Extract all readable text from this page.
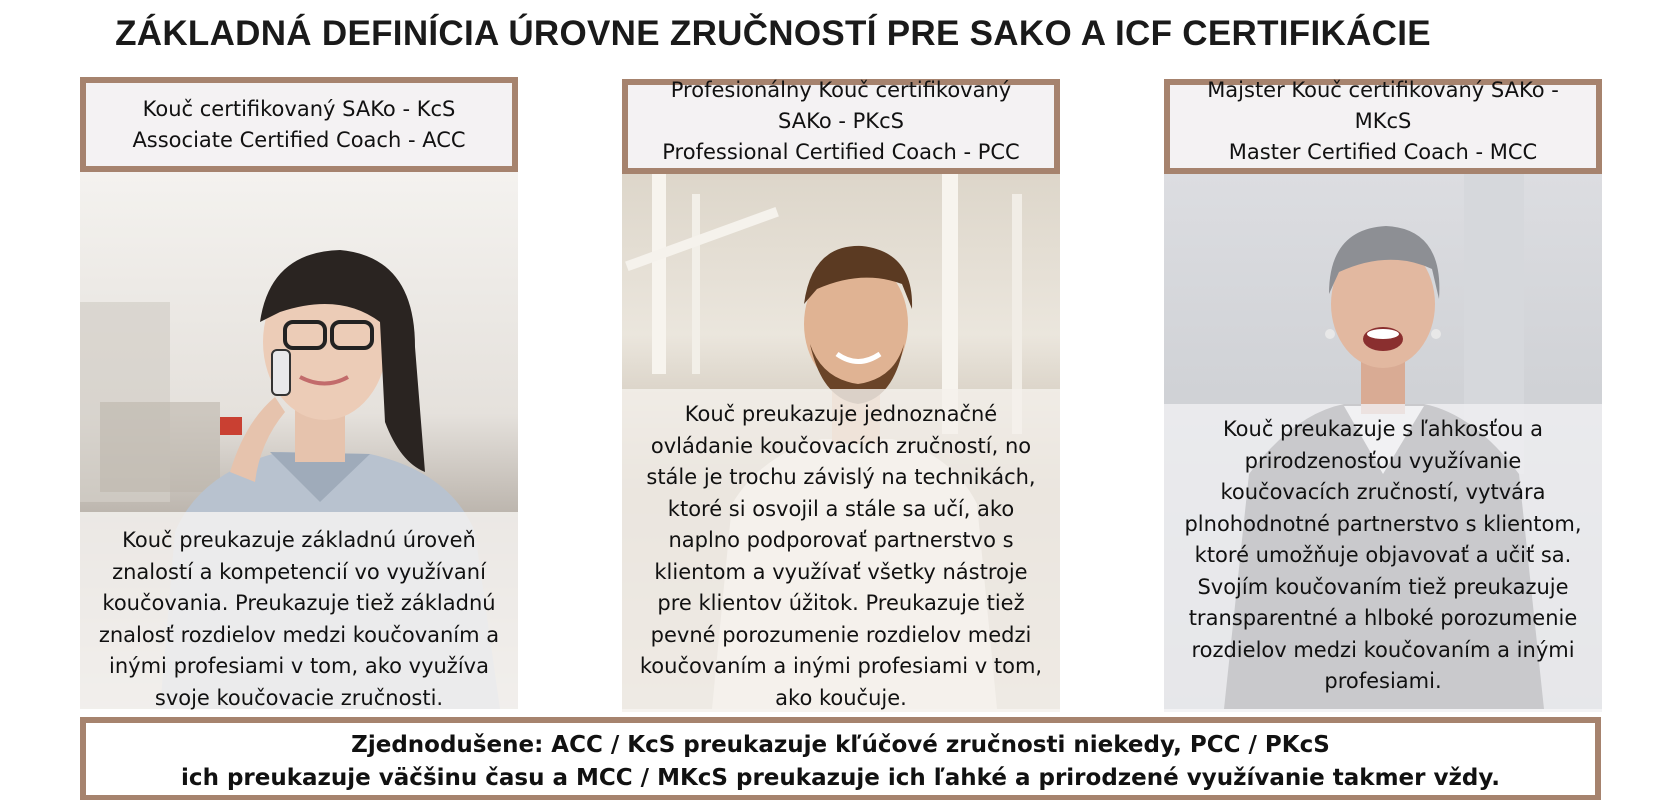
ZÁKLADNÁ DEFINÍCIA ÚROVNE ZRUČNOSTÍ PRE SAKO A ICF CERTIFIKÁCIE
Kouč certifikovaný SAKo - KcS
Associate Certified Coach - ACC
Kouč preukazuje základnú úroveň
znalostí a kompetencií vo využívaní
koučovania. Preukazuje tiež základnú
znalosť rozdielov medzi koučovaním a
inými profesiami v tom, ako využíva
svoje koučovacie zručnosti.
Profesionálny Kouč certifikovaný
SAKo - PKcS
Professional Certified Coach - PCC
Kouč preukazuje jednoznačné
ovládanie koučovacích zručností, no
stále je trochu závislý na technikách,
ktoré si osvojil a stále sa učí, ako
naplno podporovať partnerstvo s
klientom a využívať všetky nástroje
pre klientov úžitok. Preukazuje tiež
pevné porozumenie rozdielov medzi
koučovaním a inými profesiami v tom,
ako koučuje.
Majster Kouč certifikovaný SAKo -
MKcS
Master Certified Coach - MCC
Kouč preukazuje s ľahkosťou a
prirodzenosťou využívanie
koučovacích zručností, vytvára
plnohodnotné partnerstvo s klientom,
ktoré umožňuje objavovať a učiť sa.
Svojím koučovaním tiež preukazuje
transparentné a hlboké porozumenie
rozdielov medzi koučovaním a inými
profesiami.
Zjednodušene: ACC / KcS preukazuje kľúčové zručnosti niekedy, PCC / PKcS
ich preukazuje väčšinu času a MCC / MKcS preukazuje ich ľahké a prirodzené využívanie takmer vždy.
